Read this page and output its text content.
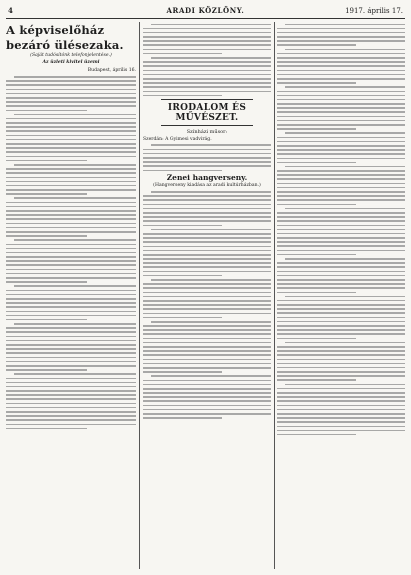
4	ARADI KÖZLÖNY.	1917. április 17.
A képviselőház
bezáró ülésezaka.
(Saját tudósítónk telefonjelentése.)
Az üzleti kivitel üzemi
Budapest, április 16.
IRODALOM ÉS MŰVÉSZET.
Színházi műsor:
Szerdán: A Gyimesi vadvirág.
Zenei hangverseny.
(Hangverseny kiadása az aradi kultúrházban.)
